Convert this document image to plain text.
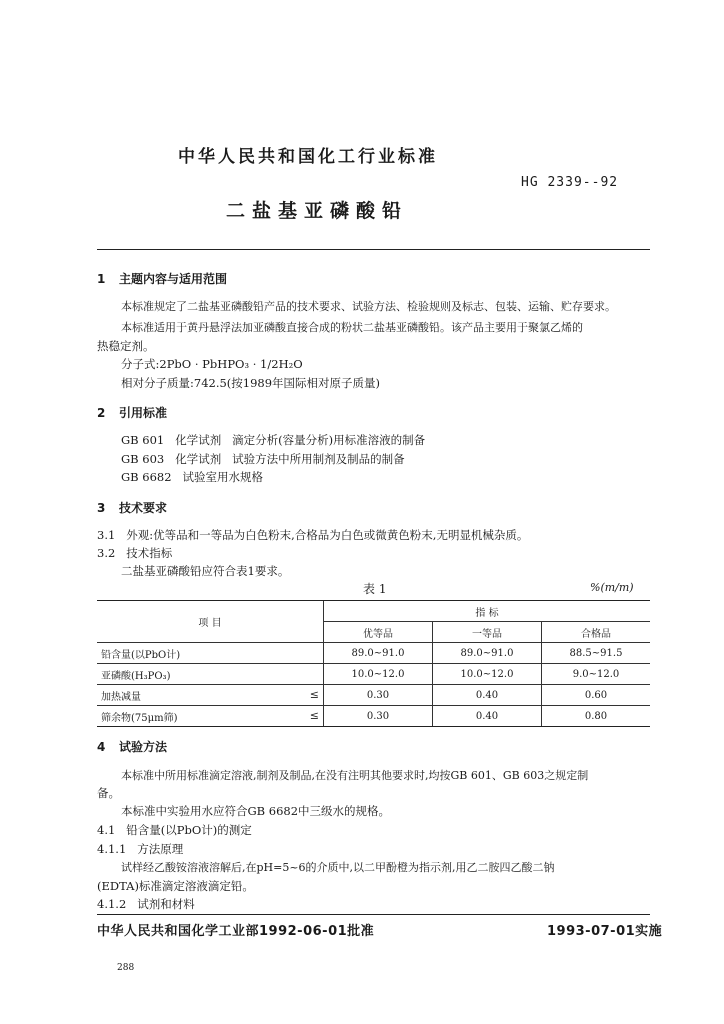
中华人民共和国化工行业标准
HG 2339--92
二盐基亚磷酸铅
1 主题内容与适用范围
本标准规定了二盐基亚磷酸铅产品的技术要求、试验方法、检验规则及标志、包装、运输、贮存要求。
本标准适用于黄丹悬浮法加亚磷酸直接合成的粉状二盐基亚磷酸铅。该产品主要用于聚氯乙烯的
热稳定剂。
分子式:2PbO · PbHPO₃ · 1/2H₂O
相对分子质量:742.5(按1989年国际相对原子质量)
2 引用标准
GB 601   化学试剂   滴定分析(容量分析)用标准溶液的制备
GB 603   化学试剂   试验方法中所用制剂及制品的制备
GB 6682   试验室用水规格
3 技术要求
3.1   外观:优等品和一等品为白色粉末,合格品为白色或微黄色粉末,无明显机械杂质。
3.2   技术指标
二盐基亚磷酸铅应符合表1要求。
表 1	%(m/m)
项 目	指 标		
	优等品	一等品	合格品
铅含量(以PbO计)	89.0~91.0	89.0~91.0	88.5~91.5
亚磷酸(H₃PO₃)	10.0~12.0	10.0~12.0	9.0~12.0
加热减量 ≤	0.30	0.40	0.60
筛余物(75μm筛) ≤	0.30	0.40	0.80
4 试验方法
本标准中所用标准滴定溶液,制剂及制品,在没有注明其他要求时,均按GB 601、GB 603之规定制
备。
本标准中实验用水应符合GB 6682中三级水的规格。
4.1   铅含量(以PbO计)的测定
4.1.1   方法原理
试样经乙酸铵溶液溶解后,在pH=5~6的介质中,以二甲酚橙为指示剂,用乙二胺四乙酸二钠
(EDTA)标准滴定溶液滴定铅。
4.1.2   试剂和材料
中华人民共和国化学工业部1992-06-01批准	1993-07-01实施
288
